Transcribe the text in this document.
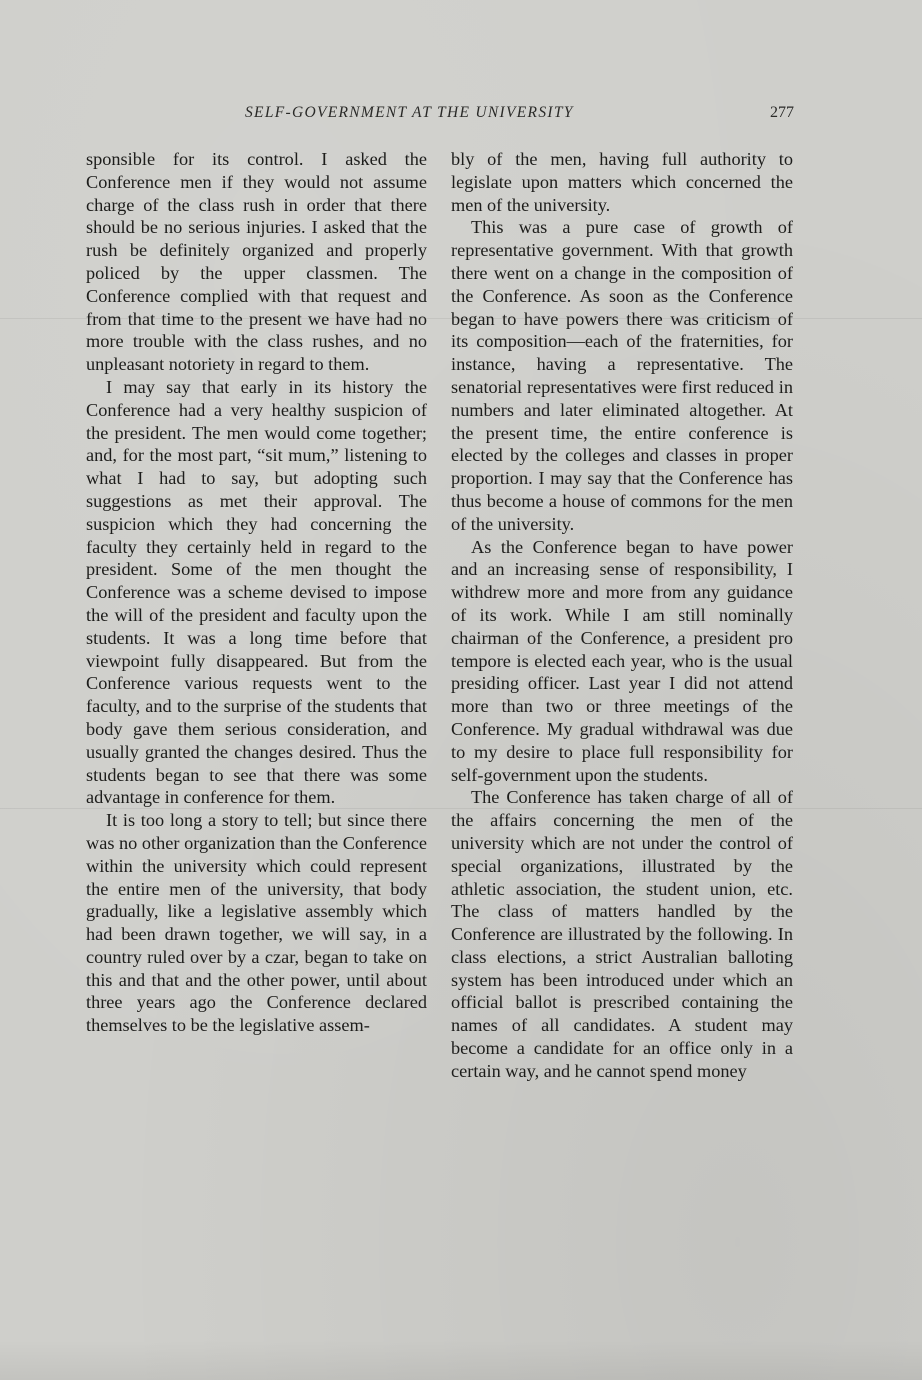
SELF-GOVERNMENT AT THE UNIVERSITY	277

sponsible for its control. I asked the Conference men if they would not assume charge of the class rush in order that there should be no serious injuries. I asked that the rush be definitely organized and properly policed by the upper classmen. The Conference complied with that request and from that time to the present we have had no more trouble with the class rushes, and no unpleasant notoriety in regard to them.

I may say that early in its history the Conference had a very healthy suspicion of the president. The men would come together; and, for the most part, “sit mum,” listening to what I had to say, but adopting such suggestions as met their approval. The suspicion which they had concerning the faculty they certainly held in regard to the president. Some of the men thought the Conference was a scheme devised to impose the will of the president and faculty upon the students. It was a long time before that viewpoint fully disappeared. But from the Conference various requests went to the faculty, and to the surprise of the students that body gave them serious consideration, and usually granted the changes desired. Thus the students began to see that there was some advantage in conference for them.

It is too long a story to tell; but since there was no other organization than the Conference within the university which could represent the entire men of the university, that body gradually, like a legislative assembly which had been drawn together, we will say, in a country ruled over by a czar, began to take on this and that and the other power, until about three years ago the Conference declared themselves to be the legislative assem-

bly of the men, having full authority to legislate upon matters which concerned the men of the university.

This was a pure case of growth of representative government. With that growth there went on a change in the composition of the Conference. As soon as the Conference began to have powers there was criticism of its composition—each of the fraternities, for instance, having a representative. The senatorial representatives were first reduced in numbers and later eliminated altogether. At the present time, the entire conference is elected by the colleges and classes in proper proportion. I may say that the Conference has thus become a house of commons for the men of the university.

As the Conference began to have power and an increasing sense of responsibility, I withdrew more and more from any guidance of its work. While I am still nominally chairman of the Conference, a president pro tempore is elected each year, who is the usual presiding officer. Last year I did not attend more than two or three meetings of the Conference. My gradual withdrawal was due to my desire to place full responsibility for self-government upon the students.

The Conference has taken charge of all of the affairs concerning the men of the university which are not under the control of special organizations, illustrated by the athletic association, the student union, etc. The class of matters handled by the Conference are illustrated by the following. In class elections, a strict Australian balloting system has been introduced under which an official ballot is prescribed containing the names of all candidates. A student may become a candidate for an office only in a certain way, and he cannot spend money
